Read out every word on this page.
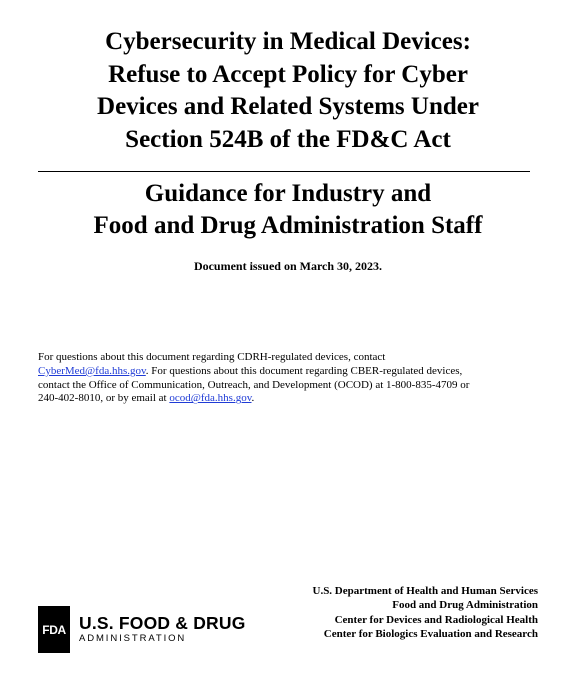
Cybersecurity in Medical Devices:
Refuse to Accept Policy for Cyber
Devices and Related Systems Under
Section 524B of the FD&C Act
Guidance for Industry and
Food and Drug Administration Staff
Document issued on March 30, 2023.
For questions about this document regarding CDRH-regulated devices, contact
CyberMed@fda.hhs.gov. For questions about this document regarding CBER-regulated devices,
contact the Office of Communication, Outreach, and Development (OCOD) at 1-800-835-4709 or
240-402-8010, or by email at ocod@fda.hhs.gov.
FDA U.S. FOOD & DRUG
ADMINISTRATION
U.S. Department of Health and Human Services
Food and Drug Administration
Center for Devices and Radiological Health
Center for Biologics Evaluation and Research
